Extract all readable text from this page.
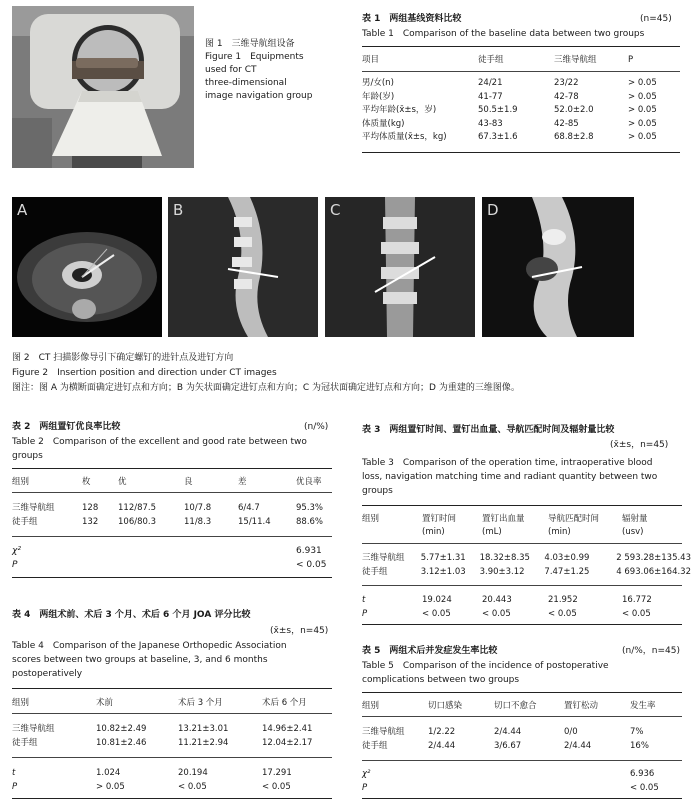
图 1　三维导航组设备
Figure 1　Equipments
used for CT
three-dimensional
image navigation group
表 1　两组基线资料比较	(n=45)
Table 1　Comparison of the baseline data between two groups
项目	徒手组	三维导航组	P
男/女(n)	24/21	23/22	> 0.05
年龄(岁)	41-77	42-78	> 0.05
平均年龄(x̄±s，岁)	50.5±1.9	52.0±2.0	> 0.05
体质量(kg)	43-83	42-85	> 0.05
平均体质量(x̄±s，kg)	67.3±1.6	68.8±2.8	> 0.05
A	B	C	D
图 2　CT 扫描影像导引下确定螺钉的进针点及进钉方向
Figure 2　Insertion position and direction under CT images
图注：图 A 为横断面确定进钉点和方向；B 为矢状面确定进钉点和方向；C 为冠状面确定进钉点和方向；D 为重建的三维图像。
表 2　两组置钉优良率比较	(n/%)
Table 2　Comparison of the excellent and good rate between two
groups
组别	枚	优	良	差	优良率
三维导航组	128	112/87.5	10/7.8	6/4.7	95.3%
徒手组	132	106/80.3	11/8.3	15/11.4	88.6%
χ²	6.931
P	< 0.05
表 4　两组术前、术后 3 个月、术后 6 个月 JOA 评分比较
(x̄±s，n=45)
Table 4　Comparison of the Japanese Orthopedic Association
scores between two groups at baseline, 3, and 6 months
postoperatively
组别	术前	术后 3 个月	术后 6 个月
三维导航组	10.82±2.49	13.21±3.01	14.96±2.41
徒手组	10.81±2.46	11.21±2.94	12.04±2.17
t	1.024	20.194	17.291
P	> 0.05	< 0.05	< 0.05
表 3　两组置钉时间、置钉出血量、导航匹配时间及辐射量比较
(x̄±s，n=45)
Table 3　Comparison of the operation time, intraoperative blood
loss, navigation matching time and radiant quantity between two
groups
组别	置钉时间	置钉出血量	导航匹配时间	辐射量
	(min)	(mL)	(min)	(usv)
三维导航组	5.77±1.31	18.32±8.35	4.03±0.99	2 593.28±135.43
徒手组	3.12±1.03	3.90±3.12	7.47±1.25	4 693.06±164.32
t	19.024	20.443	21.952	16.772
P	< 0.05	< 0.05	< 0.05	< 0.05
表 5　两组术后并发症发生率比较	(n/%，n=45)
Table 5　Comparison of the incidence of postoperative
complications between two groups
组别	切口感染	切口不愈合	置钉松动	发生率
三维导航组	1/2.22	2/4.44	0/0	7%
徒手组	2/4.44	3/6.67	2/4.44	16%
χ²				6.936
P				< 0.05
